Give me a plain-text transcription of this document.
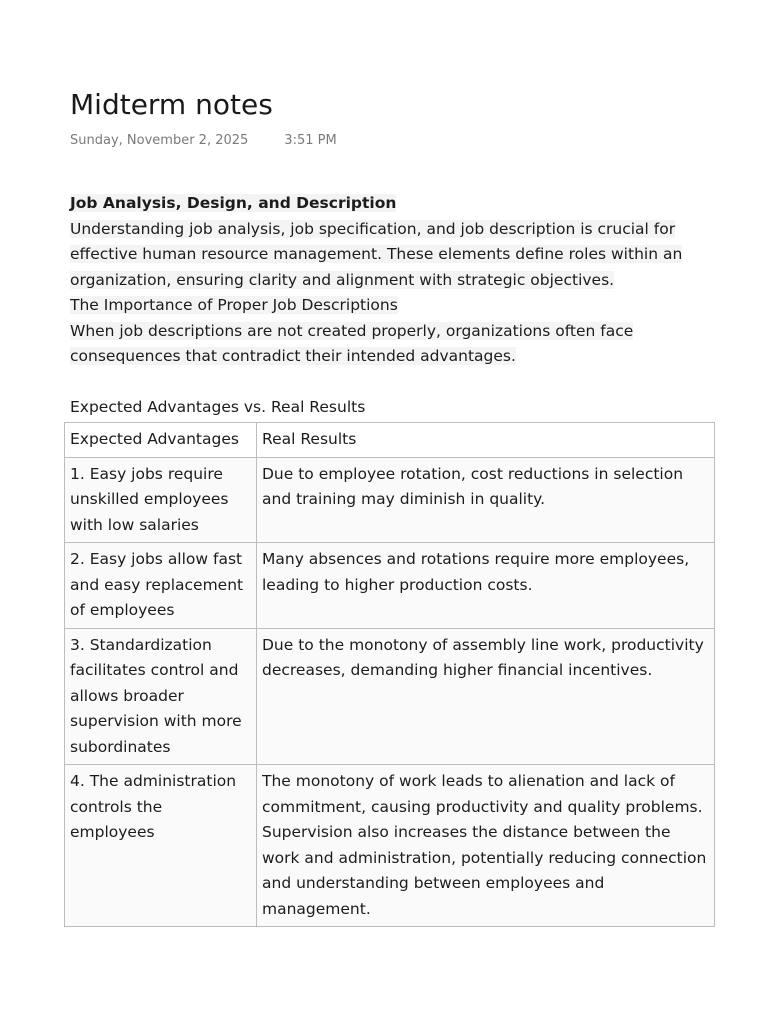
Midterm notes
Sunday, November 2, 2025	3:51 PM

Job Analysis, Design, and Description

Understanding job analysis, job specification, and job description is crucial for effective human resource management. These elements define roles within an organization, ensuring clarity and alignment with strategic objectives.

The Importance of Proper Job Descriptions

When job descriptions are not created properly, organizations often face consequences that contradict their intended advantages.

Expected Advantages vs. Real Results

Expected Advantages	Real Results
1. Easy jobs require unskilled employees with low salaries	Due to employee rotation, cost reductions in selection and training may diminish in quality.
2. Easy jobs allow fast and easy replacement of employees	Many absences and rotations require more employees, leading to higher production costs.
3. Standardization facilitates control and allows broader supervision with more subordinates	Due to the monotony of assembly line work, productivity decreases, demanding higher financial incentives.
4. The administration controls the employees	The monotony of work leads to alienation and lack of commitment, causing productivity and quality problems. Supervision also increases the distance between the work and administration, potentially reducing connection and understanding between employees and management.
